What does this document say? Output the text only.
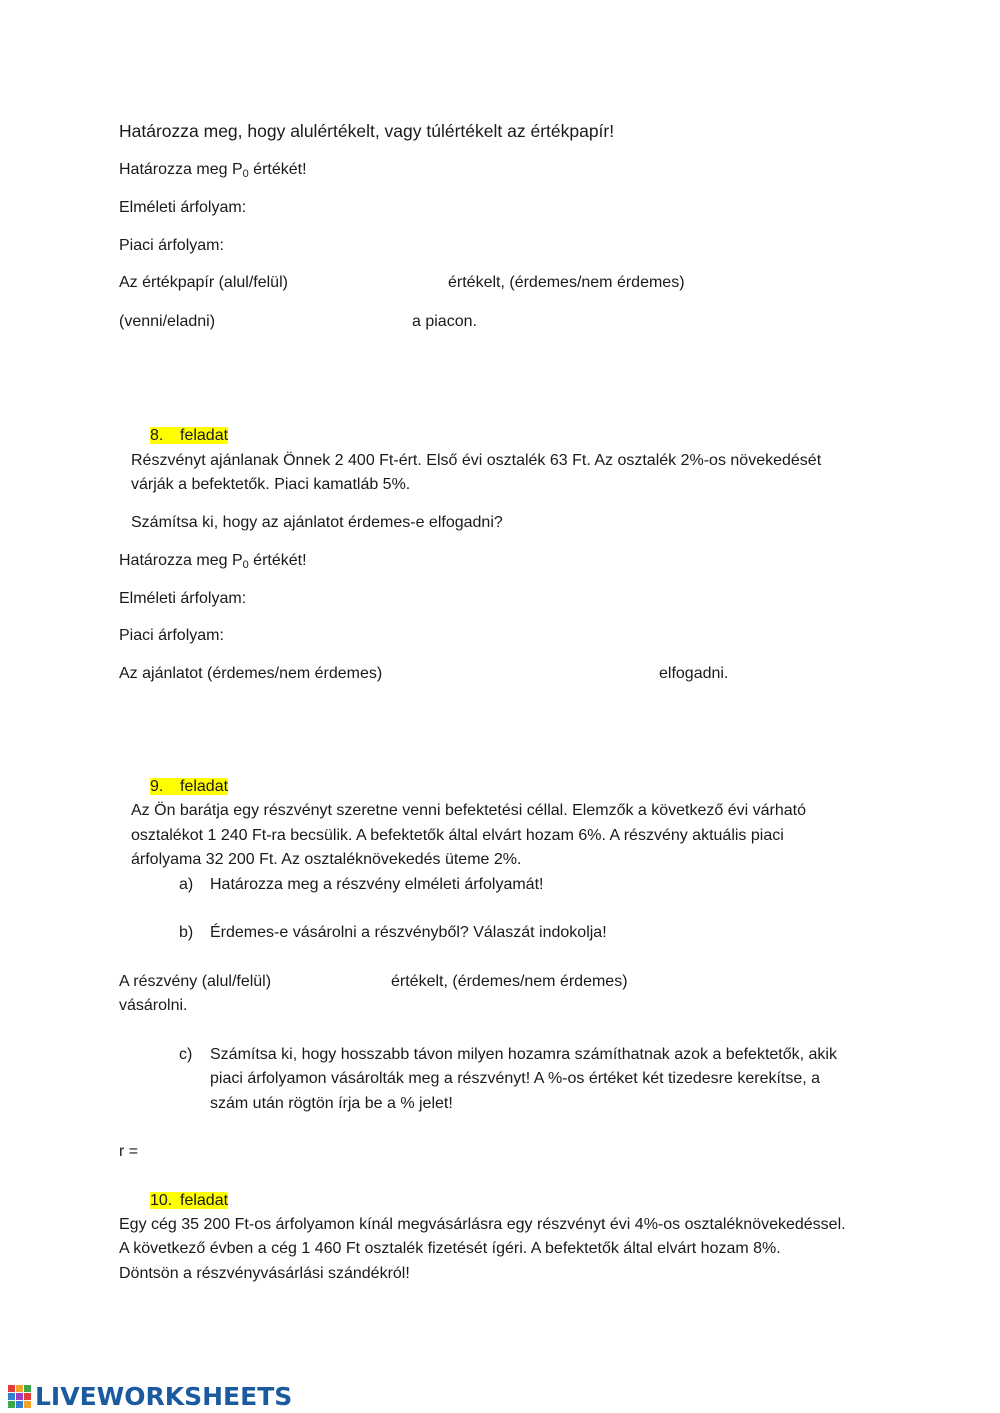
Határozza meg, hogy alulértékelt, vagy túlértékelt az értékpapír!
Határozza meg $P_0$ értékét!
Elméleti árfolyam:
Piaci árfolyam:
Az értékpapír (alul/felül)	értékelt, (érdemes/nem érdemes)
(venni/eladni)	a piacon.
8. feladat
Részvényt ajánlanak Önnek 2 400 Ft-ért. Első évi osztalék 63 Ft. Az osztalék 2%-os növekedését
várják a befektetők. Piaci kamatláb 5%.
Számítsa ki, hogy az ajánlatot érdemes-e elfogadni?
Határozza meg $P_0$ értékét!
Elméleti árfolyam:
Piaci árfolyam:
Az ajánlatot (érdemes/nem érdemes)	elfogadni.
9. feladat
Az Ön barátja egy részvényt szeretne venni befektetési céllal. Elemzők a következő évi várható
osztalékot 1 240 Ft-ra becsülik. A befektetők által elvárt hozam 6%. A részvény aktuális piaci
árfolyama 32 200 Ft. Az osztaléknövekedés üteme 2%.
a) Határozza meg a részvény elméleti árfolyamát!
b) Érdemes-e vásárolni a részvényből? Válaszát indokolja!
A részvény (alul/felül)	értékelt, (érdemes/nem érdemes)
vásárolni.
c) Számítsa ki, hogy hosszabb távon milyen hozamra számíthatnak azok a befektetők, akik
piaci árfolyamon vásárolták meg a részvényt! A %-os értéket két tizedesre kerekítse, a
szám után rögtön írja be a % jelet!
r =
10. feladat
Egy cég 35 200 Ft-os árfolyamon kínál megvásárlásra egy részvényt évi 4%-os osztaléknövekedéssel.
A következő évben a cég 1 460 Ft osztalék fizetését ígéri. A befektetők által elvárt hozam 8%.
Döntsön a részvényvásárlási szándékról!
LIVEWORKSHEETS
